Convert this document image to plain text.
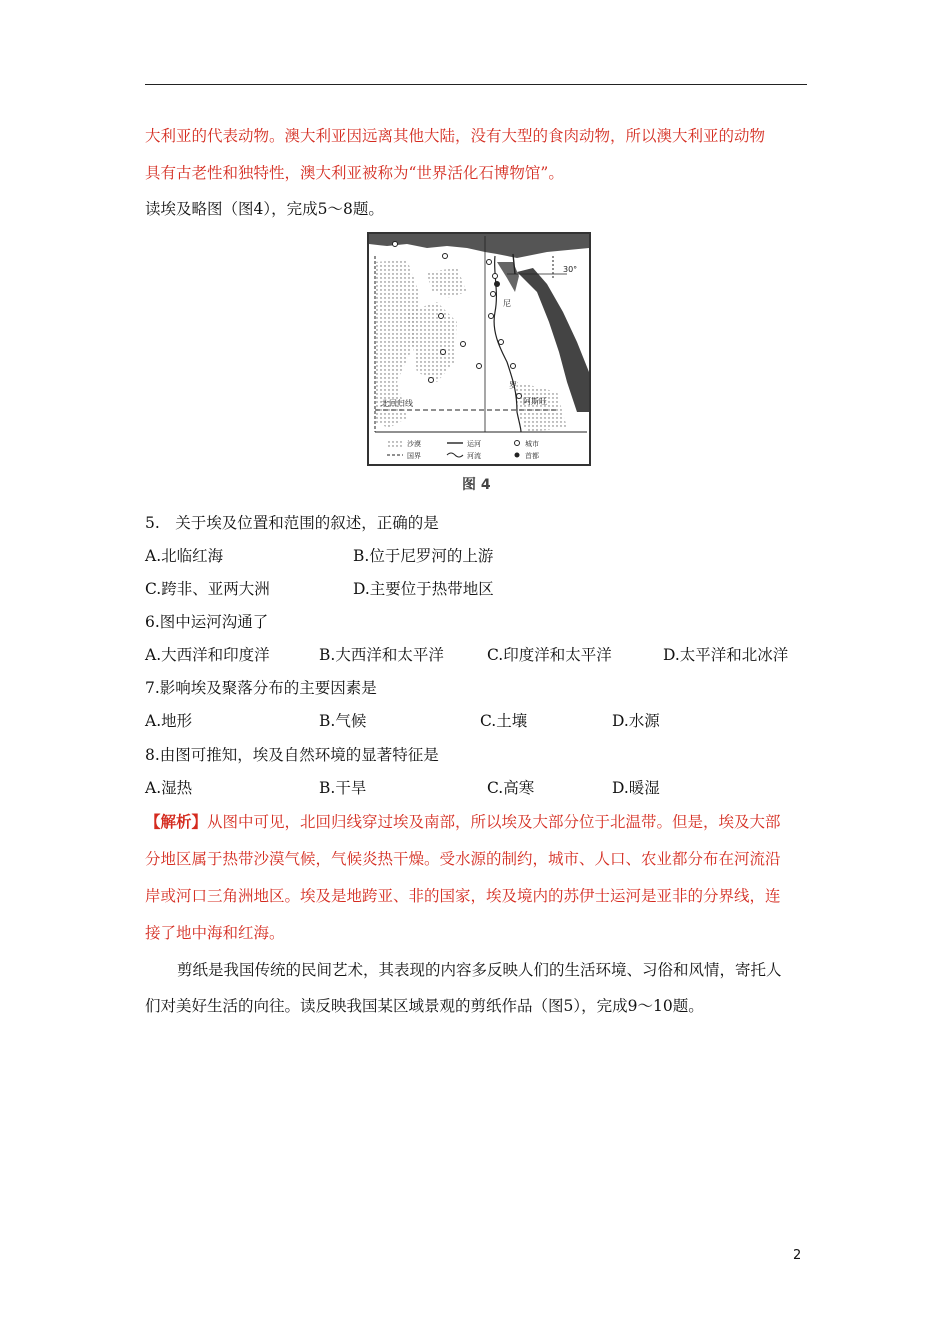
大利亚的代表动物。澳大利亚因远离其他大陆，没有大型的食肉动物，所以澳大利亚的动物
具有古老性和独特性，澳大利亚被称为“世界活化石博物馆”。
读埃及略图（图4），完成5～8题。
30°
尼
罗
阿斯旺
北回归线
沙漠	运河	城市
国界	河流	首都
图 4
5.　关于埃及位置和范围的叙述，正确的是
A.北临红海	B.位于尼罗河的上游
C.跨非、亚两大洲	D.主要位于热带地区
6.图中运河沟通了
A.大西洋和印度洋	B.大西洋和太平洋	C.印度洋和太平洋	D.太平洋和北冰洋
7.影响埃及聚落分布的主要因素是
A.地形	B.气候	C.土壤	D.水源
8.由图可推知，埃及自然环境的显著特征是
A.湿热	B.干旱	C.高寒	D.暖湿
【解析】从图中可见，北回归线穿过埃及南部，所以埃及大部分位于北温带。但是，埃及大部
分地区属于热带沙漠气候，气候炎热干燥。受水源的制约，城市、人口、农业都分布在河流沿
岸或河口三角洲地区。埃及是地跨亚、非的国家，埃及境内的苏伊士运河是亚非的分界线，连
接了地中海和红海。
剪纸是我国传统的民间艺术，其表现的内容多反映人们的生活环境、习俗和风情，寄托人
们对美好生活的向往。读反映我国某区域景观的剪纸作品（图5），完成9～10题。
2
